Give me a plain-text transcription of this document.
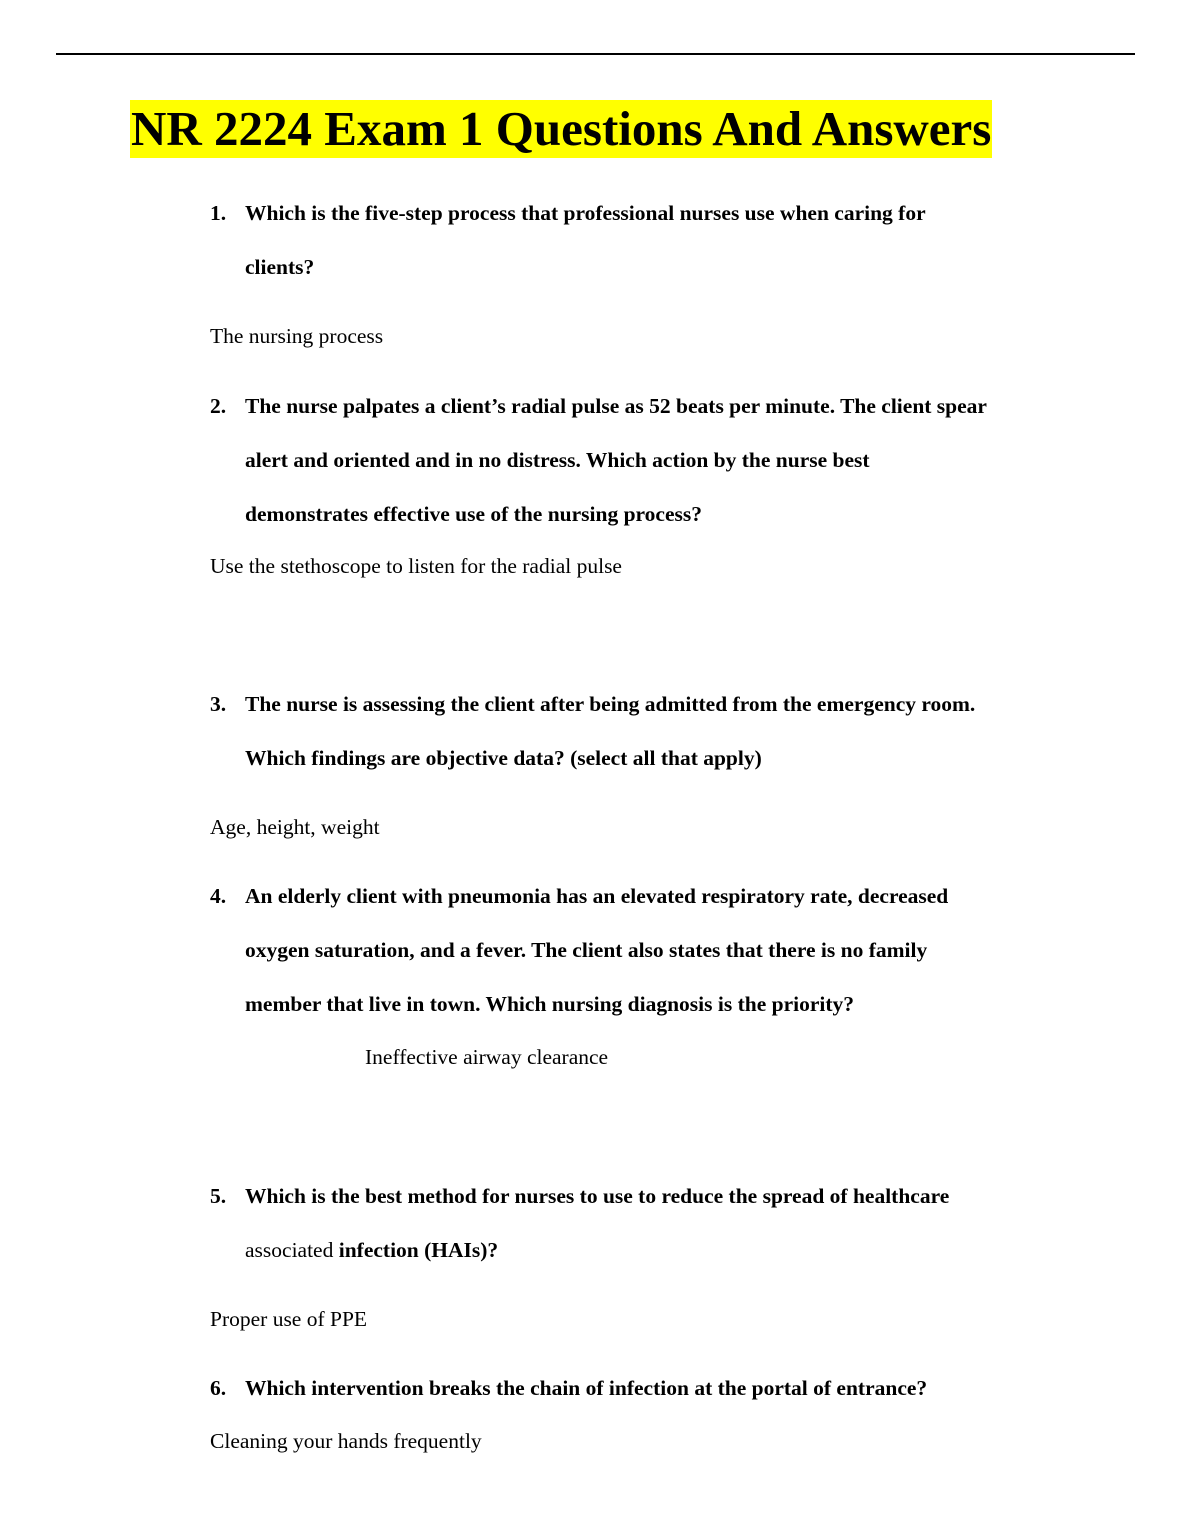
NR 2224 Exam 1 Questions And Answers
1. Which is the five-step process that professional nurses use when caring for
clients?
The nursing process
2. The nurse palpates a client’s radial pulse as 52 beats per minute. The client spear
alert and oriented and in no distress. Which action by the nurse best
demonstrates effective use of the nursing process?
Use the stethoscope to listen for the radial pulse
3. The nurse is assessing the client after being admitted from the emergency room.
Which findings are objective data? (select all that apply)
Age, height, weight
4. An elderly client with pneumonia has an elevated respiratory rate, decreased
oxygen saturation, and a fever. The client also states that there is no family
member that live in town. Which nursing diagnosis is the priority?
Ineffective airway clearance
5. Which is the best method for nurses to use to reduce the spread of healthcare
associated infection (HAIs)?
Proper use of PPE
6. Which intervention breaks the chain of infection at the portal of entrance?
Cleaning your hands frequently
